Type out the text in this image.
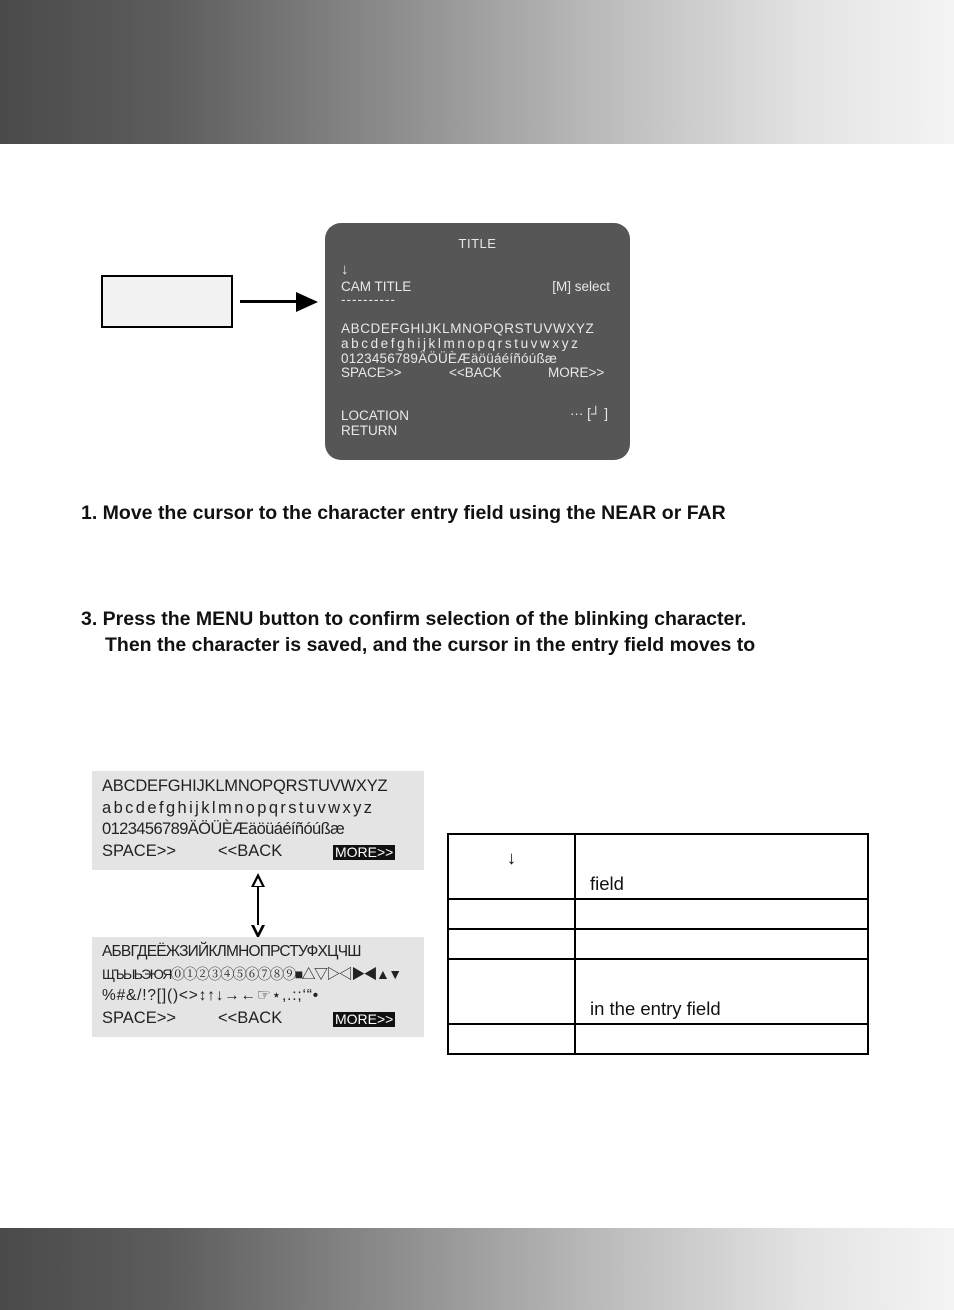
TITLE
↓
CAM TITLE	[M] select
----------
ABCDEFGHIJKLMNOPQRSTUVWXYZ
abcdefghijklmnopqrstuvwxyz
0123456789ÄÖÜÈÆäöüáéíñóúßæ
SPACE>>	<<BACK	MORE>>
LOCATION	··· [┘ ]
RETURN
1. Move the cursor to the character entry field using the NEAR or FAR
3. Press the MENU button to confirm selection of the blinking character.
Then the character is saved, and the cursor in the entry field moves to
ABCDEFGHIJKLMNOPQRSTUVWXYZ
abcdefghijklmnopqrstuvwxyz
0123456789ÄÖÜÈÆäöüáéíñóúßæ
SPACE>>	<<BACK	MORE>>
АБВГДЕЁЖЗИЙКЛМНОПРСТУФХЦЧШ
ЩЪЫЬЭЮЯ⓪①②③④⑤⑥⑦⑧⑨■△▽▷◁▶◀▲▼
%#&/!?[]()<>↕↑↓→←☞⋆,.:;‘“•
SPACE>>	<<BACK	MORE>>
↓	field

	in the entry field
